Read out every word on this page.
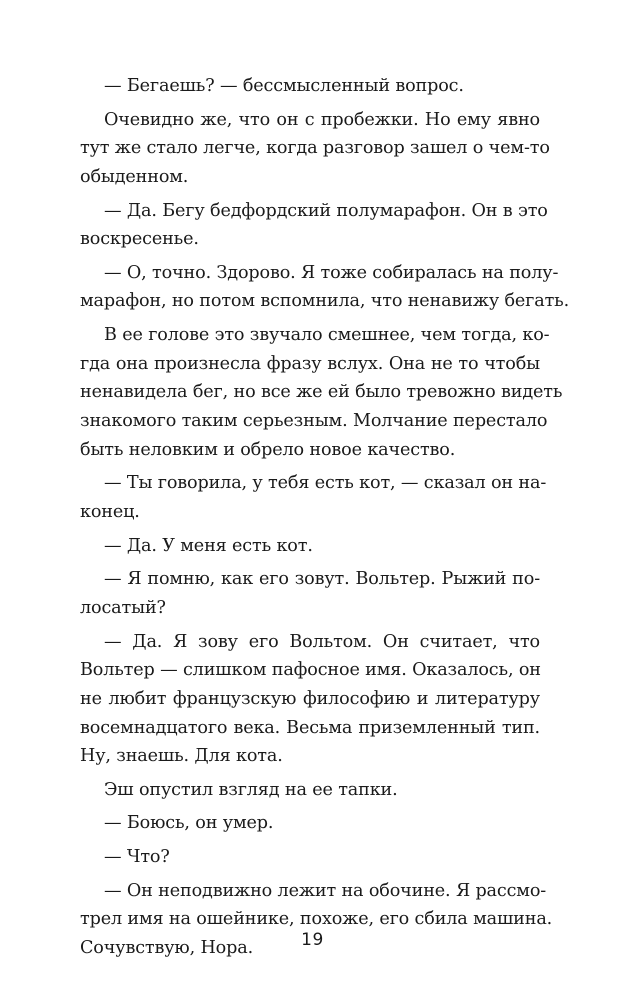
— Бегаешь? — бессмысленный вопрос.
Очевидно же, что он с пробежки. Но ему явно
тут же стало легче, когда разговор зашел о чем-то
обыденном.
— Да. Бегу бедфордский полумарафон. Он в это
воскресенье.
— О, точно. Здорово. Я тоже собиралась на полу-
марафон, но потом вспомнила, что ненавижу бегать.
В ее голове это звучало смешнее, чем тогда, ко-
гда она произнесла фразу вслух. Она не то чтобы
ненавидела бег, но все же ей было тревожно видеть
знакомого таким серьезным. Молчание перестало
быть неловким и обрело новое качество.
— Ты говорила, у тебя есть кот, — сказал он на-
конец.
— Да. У меня есть кот.
— Я помню, как его зовут. Вольтер. Рыжий по-
лосатый?
— Да. Я зову его Вольтом. Он считает, что
Вольтер — слишком пафосное имя. Оказалось, он
не любит французскую философию и литературу
восемнадцатого века. Весьма приземленный тип.
Ну, знаешь. Для кота.
Эш опустил взгляд на ее тапки.
— Боюсь, он умер.
— Что?
— Он неподвижно лежит на обочине. Я рассмо-
трел имя на ошейнике, похоже, его сбила машина.
Сочувствую, Нора.	19
